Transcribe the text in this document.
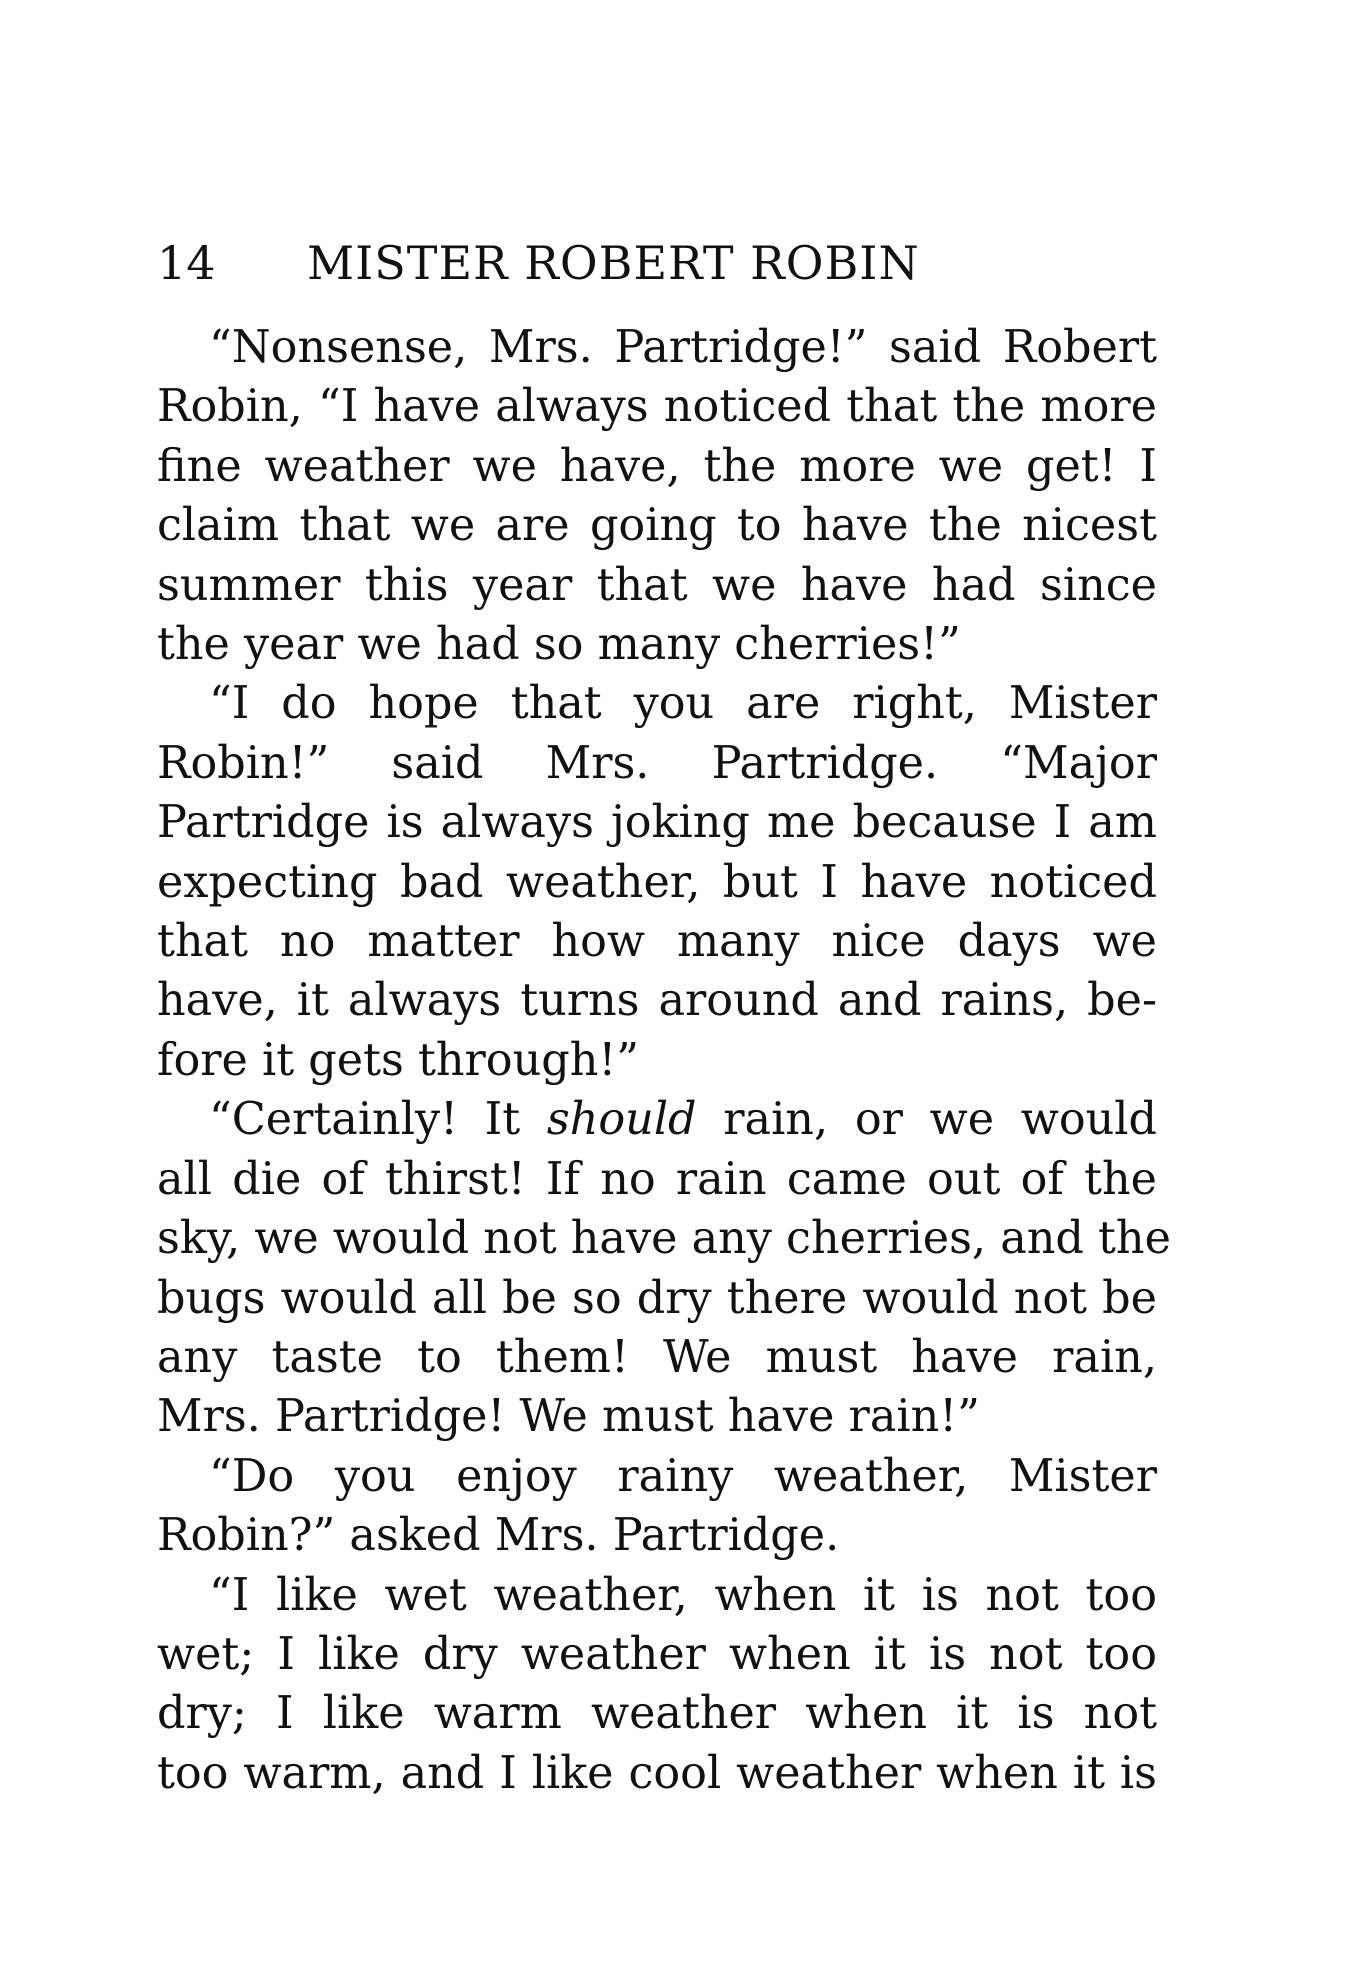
14 MISTER ROBERT ROBIN
“Nonsense, Mrs. Partridge!” said Robert
Robin, “I have always noticed that the more
fine weather we have, the more we get! I
claim that we are going to have the nicest
summer this year that we have had since
the year we had so many cherries!”
“I do hope that you are right, Mister
Robin!” said Mrs. Partridge. “Major
Partridge is always joking me because I am
expecting bad weather, but I have noticed
that no matter how many nice days we
have, it always turns around and rains, be-
fore it gets through!”
“Certainly! It should rain, or we would
all die of thirst! If no rain came out of the
sky, we would not have any cherries, and the
bugs would all be so dry there would not be
any taste to them! We must have rain,
Mrs. Partridge! We must have rain!”
“Do you enjoy rainy weather, Mister
Robin?” asked Mrs. Partridge.
“I like wet weather, when it is not too
wet; I like dry weather when it is not too
dry; I like warm weather when it is not
too warm, and I like cool weather when it is
